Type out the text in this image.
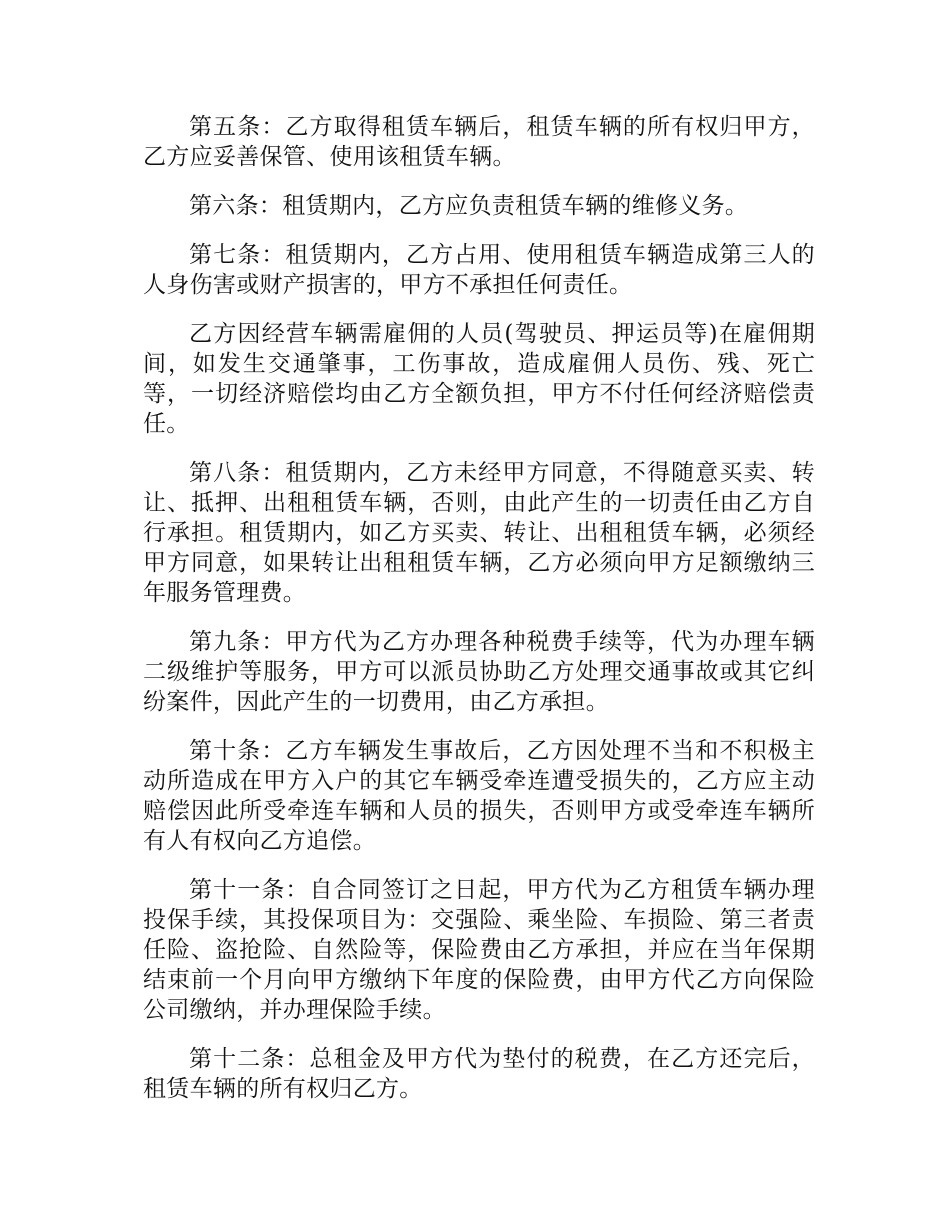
第五条：乙方取得租赁车辆后，租赁车辆的所有权归甲方，乙方应妥善保管、使用该租赁车辆。

第六条：租赁期内，乙方应负责租赁车辆的维修义务。

第七条：租赁期内，乙方占用、使用租赁车辆造成第三人的人身伤害或财产损害的，甲方不承担任何责任。

乙方因经营车辆需雇佣的人员(驾驶员、押运员等)在雇佣期间，如发生交通肇事，工伤事故，造成雇佣人员伤、残、死亡等，一切经济赔偿均由乙方全额负担，甲方不付任何经济赔偿责任。

第八条：租赁期内，乙方未经甲方同意，不得随意买卖、转让、抵押、出租租赁车辆，否则，由此产生的一切责任由乙方自行承担。租赁期内，如乙方买卖、转让、出租租赁车辆，必须经甲方同意，如果转让出租租赁车辆，乙方必须向甲方足额缴纳三年服务管理费。

第九条：甲方代为乙方办理各种税费手续等，代为办理车辆二级维护等服务，甲方可以派员协助乙方处理交通事故或其它纠纷案件，因此产生的一切费用，由乙方承担。

第十条：乙方车辆发生事故后，乙方因处理不当和不积极主动所造成在甲方入户的其它车辆受牵连遭受损失的，乙方应主动赔偿因此所受牵连车辆和人员的损失，否则甲方或受牵连车辆所有人有权向乙方追偿。

第十一条：自合同签订之日起，甲方代为乙方租赁车辆办理投保手续，其投保项目为：交强险、乘坐险、车损险、第三者责任险、盗抢险、自然险等，保险费由乙方承担，并应在当年保期结束前一个月向甲方缴纳下年度的保险费，由甲方代乙方向保险公司缴纳，并办理保险手续。

第十二条：总租金及甲方代为垫付的税费，在乙方还完后，租赁车辆的所有权归乙方。
